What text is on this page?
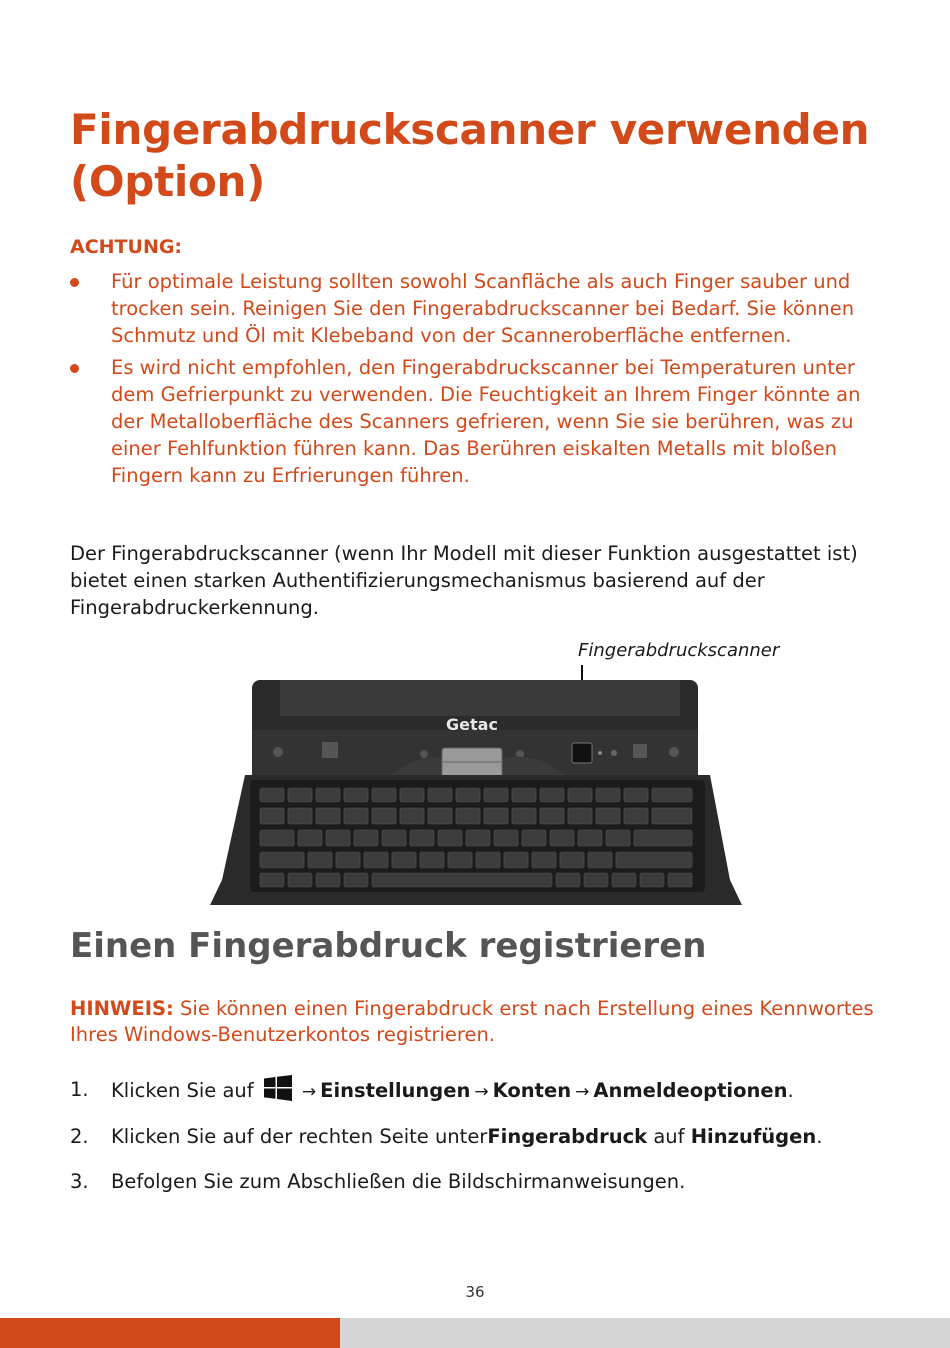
Fingerabdruckscanner verwenden (Option)
ACHTUNG:
Für optimale Leistung sollten sowohl Scanfläche als auch Finger sauber und trocken sein. Reinigen Sie den Fingerabdruckscanner bei Bedarf. Sie können Schmutz und Öl mit Klebeband von der Scanneroberfläche entfernen.
Es wird nicht empfohlen, den Fingerabdruckscanner bei Temperaturen unter dem Gefrierpunkt zu verwenden. Die Feuchtigkeit an Ihrem Finger könnte an der Metalloberfläche des Scanners gefrieren, wenn Sie sie berühren, was zu einer Fehlfunktion führen kann. Das Berühren eiskalten Metalls mit bloßen Fingern kann zu Erfrierungen führen.

Der Fingerabdruckscanner (wenn Ihr Modell mit dieser Funktion ausgestattet ist) bietet einen starken Authentifizierungsmechanismus basierend auf der Fingerabdruckerkennung.

Fingerabdruckscanner
Getac
Einen Fingerabdruck registrieren

HINWEIS: Sie können einen Fingerabdruck erst nach Erstellung eines Kennwortes Ihres Windows-Benutzerkontos registrieren.

1. Klicken Sie auf	→ Einstellungen → Konten → Anmeldeoptionen.
2. Klicken Sie auf der rechten Seite unterFingerabdruck auf Hinzufügen.
3. Befolgen Sie zum Abschließen die Bildschirmanweisungen.
36
